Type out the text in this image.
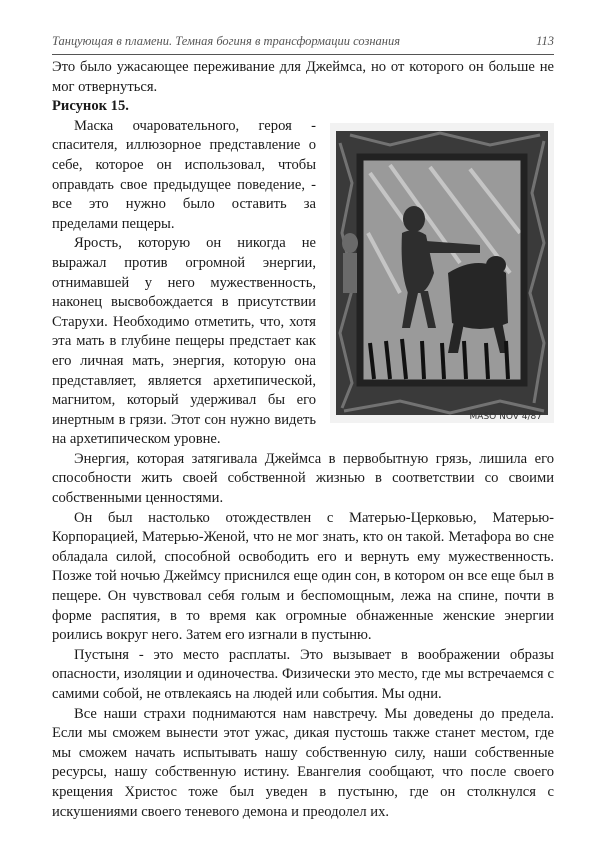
Танцующая в пламени. Темная богиня в трансформации сознания	113

Это было ужасающее переживание для Джеймса, но от которого он больше не мог отвернуться.

Рисунок 15.

MASO NOV 4/87

Маска очаровательного, героя - спасителя, иллюзорное представление о себе, которое он использовал, чтобы оправдать свое предыдущее поведение, - все это нужно было оставить за пределами пещеры.

Ярость, которую он никогда не выражал против огромной энергии, отнимавшей у него мужественность, наконец высвобождается в присутствии Старухи. Необходимо отметить, что, хотя эта мать в глубине пещеры предстает как его личная мать, энергия, которую она представляет, является архетипической, магнитом, который удерживал бы его инертным в грязи. Этот сон нужно видеть на архетипическом уровне.

Энергия, которая затягивала Джеймса в первобытную грязь, лишила его способности жить своей собственной жизнью в соответствии со своими собственными ценностями.

Он был настолько отождествлен с Матерью-Церковью, Матерью-Корпорацией, Матерью-Женой, что не мог знать, кто он такой. Метафора во сне обладала силой, способной освободить его и вернуть ему мужественность. Позже той ночью Джеймсу приснился еще один сон, в котором он все еще был в пещере. Он чувствовал себя голым и беспомощным, лежа на спине, почти в форме распятия, в то время как огромные обнаженные женские энергии роились вокруг него. Затем его изгнали в пустыню.

Пустыня - это место расплаты. Это вызывает в воображении образы опасности, изоляции и одиночества. Физически это место, где мы встречаемся с самими собой, не отвлекаясь на людей или события. Мы одни.

Все наши страхи поднимаются нам навстречу. Мы доведены до предела. Если мы сможем вынести этот ужас, дикая пустошь также станет местом, где мы сможем начать испытывать нашу собственную силу, наши собственные ресурсы, нашу собственную истину. Евангелия сообщают, что после своего крещения Христос тоже был уведен в пустыню, где он столкнулся с искушениями своего теневого демона и преодолел их.
